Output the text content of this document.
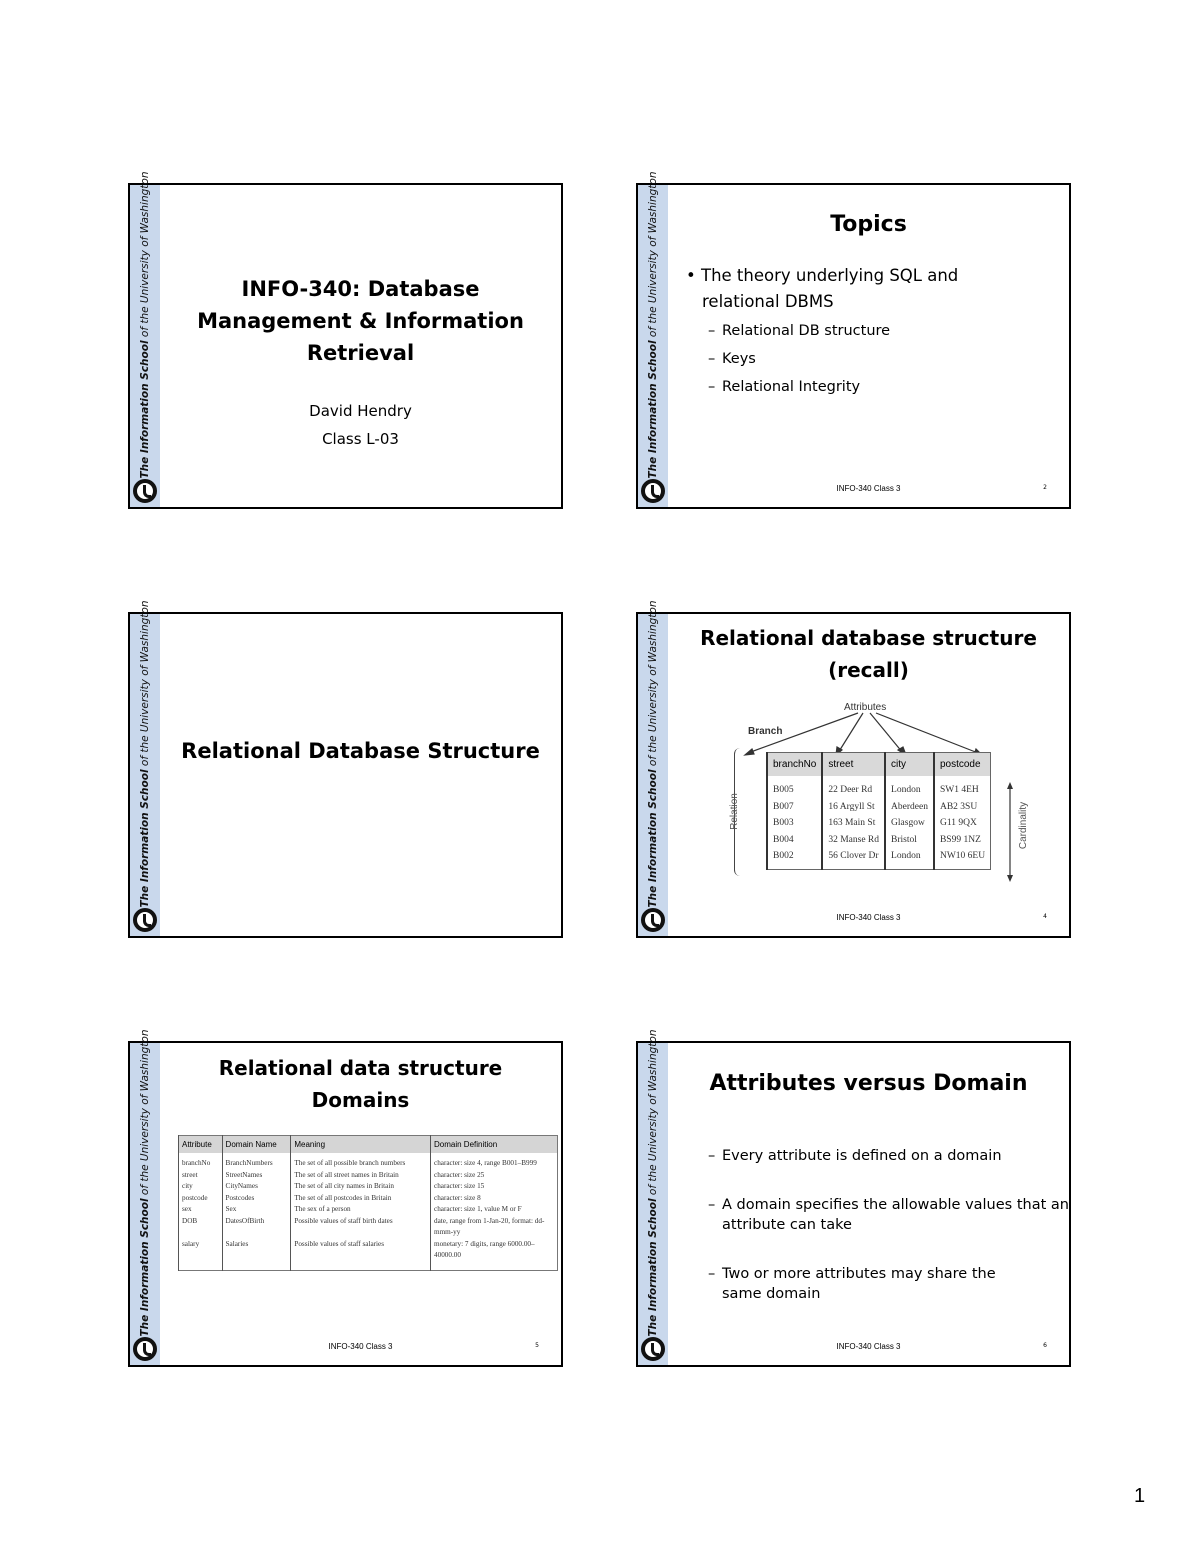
The Information School of the University of Washington	INFO-340: Database
Management & Information
Retrieval
David Hendry
Class L-03	The Information School of the University of Washington	Topics
• The theory underlying SQL and
relational DBMS
– Relational DB structure
– Keys
– Relational Integrity
INFO-340 Class 3	2
The Information School of the University of Washington	Relational Database Structure
The Information School of the University of Washington	Relational database structure
(recall)
Attributes
Branch
Relation
branchNo	street	city	postcode
B005	22 Deer Rd	London	SW1 4EH
B007	16 Argyll St	Aberdeen	AB2 3SU
B003	163 Main St	Glasgow	G11 9QX
B004	32 Manse Rd	Bristol	BS99 1NZ
B002	56 Clover Dr	London	NW10 6EU
Cardinality
INFO-340 Class 3	4
The Information School of the University of Washington	Relational data structure
Domains
Attribute	Domain Name	Meaning	Domain Definition
branchNo	BranchNumbers	The set of all possible branch numbers	character: size 4, range B001–B999
street	StreetNames	The set of all street names in Britain	character: size 25
city	CityNames	The set of all city names in Britain	character: size 15
postcode	Postcodes	The set of all postcodes in Britain	character: size 8
sex	Sex	The sex of a person	character: size 1, value M or F
DOB	DatesOfBirth	Possible values of staff birth dates	date, range from 1-Jan-20, format: dd-mmm-yy
salary	Salaries	Possible values of staff salaries	monetary: 7 digits, range 6000.00–40000.00
INFO-340 Class 3	5
The Information School of the University of Washington	Attributes versus Domain
– Every attribute is defined on a domain
– A domain specifies the allowable values that an attribute can take
– Two or more attributes may share the same domain
INFO-340 Class 3	6
1
